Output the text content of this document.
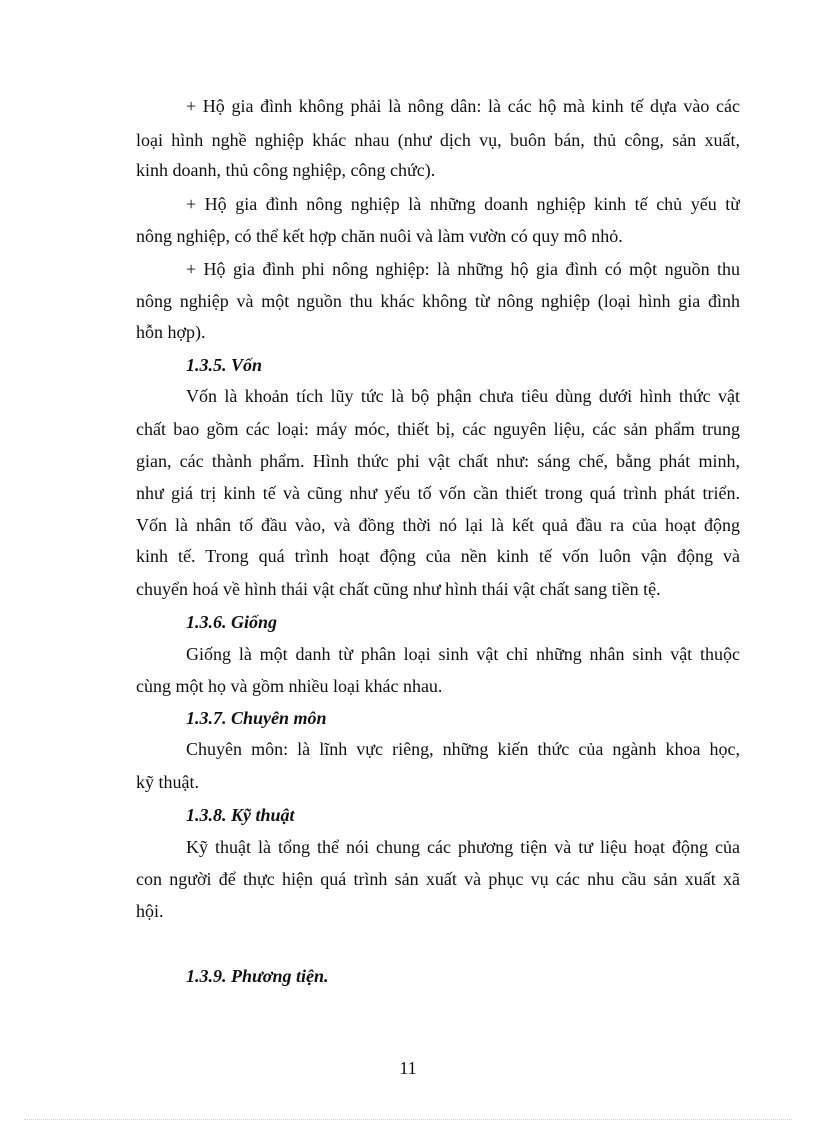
+ Hộ gia đình không phải là nông dân: là các hộ mà kinh tế dựa vào các
loại hình nghề nghiệp khác nhau (như dịch vụ, buôn bán, thủ công, sản xuất,
kinh doanh, thủ công nghiệp, công chức).
+ Hộ gia đình nông nghiệp là những doanh nghiệp kinh tế chủ yếu từ
nông nghiệp, có thể kết hợp chăn nuôi và làm vườn có quy mô nhỏ.
+ Hộ gia đình phi nông nghiệp: là những hộ gia đình có một nguồn thu
nông nghiệp và một nguồn thu khác không từ nông nghiệp (loại hình gia đình
hỗn hợp).
1.3.5. Vốn
Vốn là khoản tích lũy tức là bộ phận chưa tiêu dùng dưới hình thức vật
chất bao gồm các loại: máy móc, thiết bị, các nguyên liệu, các sản phẩm trung
gian, các thành phẩm. Hình thức phi vật chất như: sáng chế, bằng phát minh,
như giá trị kinh tế và cũng như yếu tố vốn cần thiết trong quá trình phát triển.
Vốn là nhân tố đầu vào, và đồng thời nó lại là kết quả đầu ra của hoạt động
kinh tế. Trong quá trình hoạt động của nền kinh tế vốn luôn vận động và
chuyển hoá về hình thái vật chất cũng như hình thái vật chất sang tiền tệ.
1.3.6. Giống
Giống là một danh từ phân loại sinh vật chỉ những nhân sinh vật thuộc
cùng một họ và gồm nhiều loại khác nhau.
1.3.7. Chuyên môn
Chuyên môn: là lĩnh vực riêng, những kiến thức của ngành khoa học,
kỹ thuật.
1.3.8. Kỹ thuật
Kỹ thuật là tổng thể nói chung các phương tiện và tư liệu hoạt động của
con người để thực hiện quá trình sản xuất và phục vụ các nhu cầu sản xuất xã
hội.
1.3.9. Phương tiện.
11
